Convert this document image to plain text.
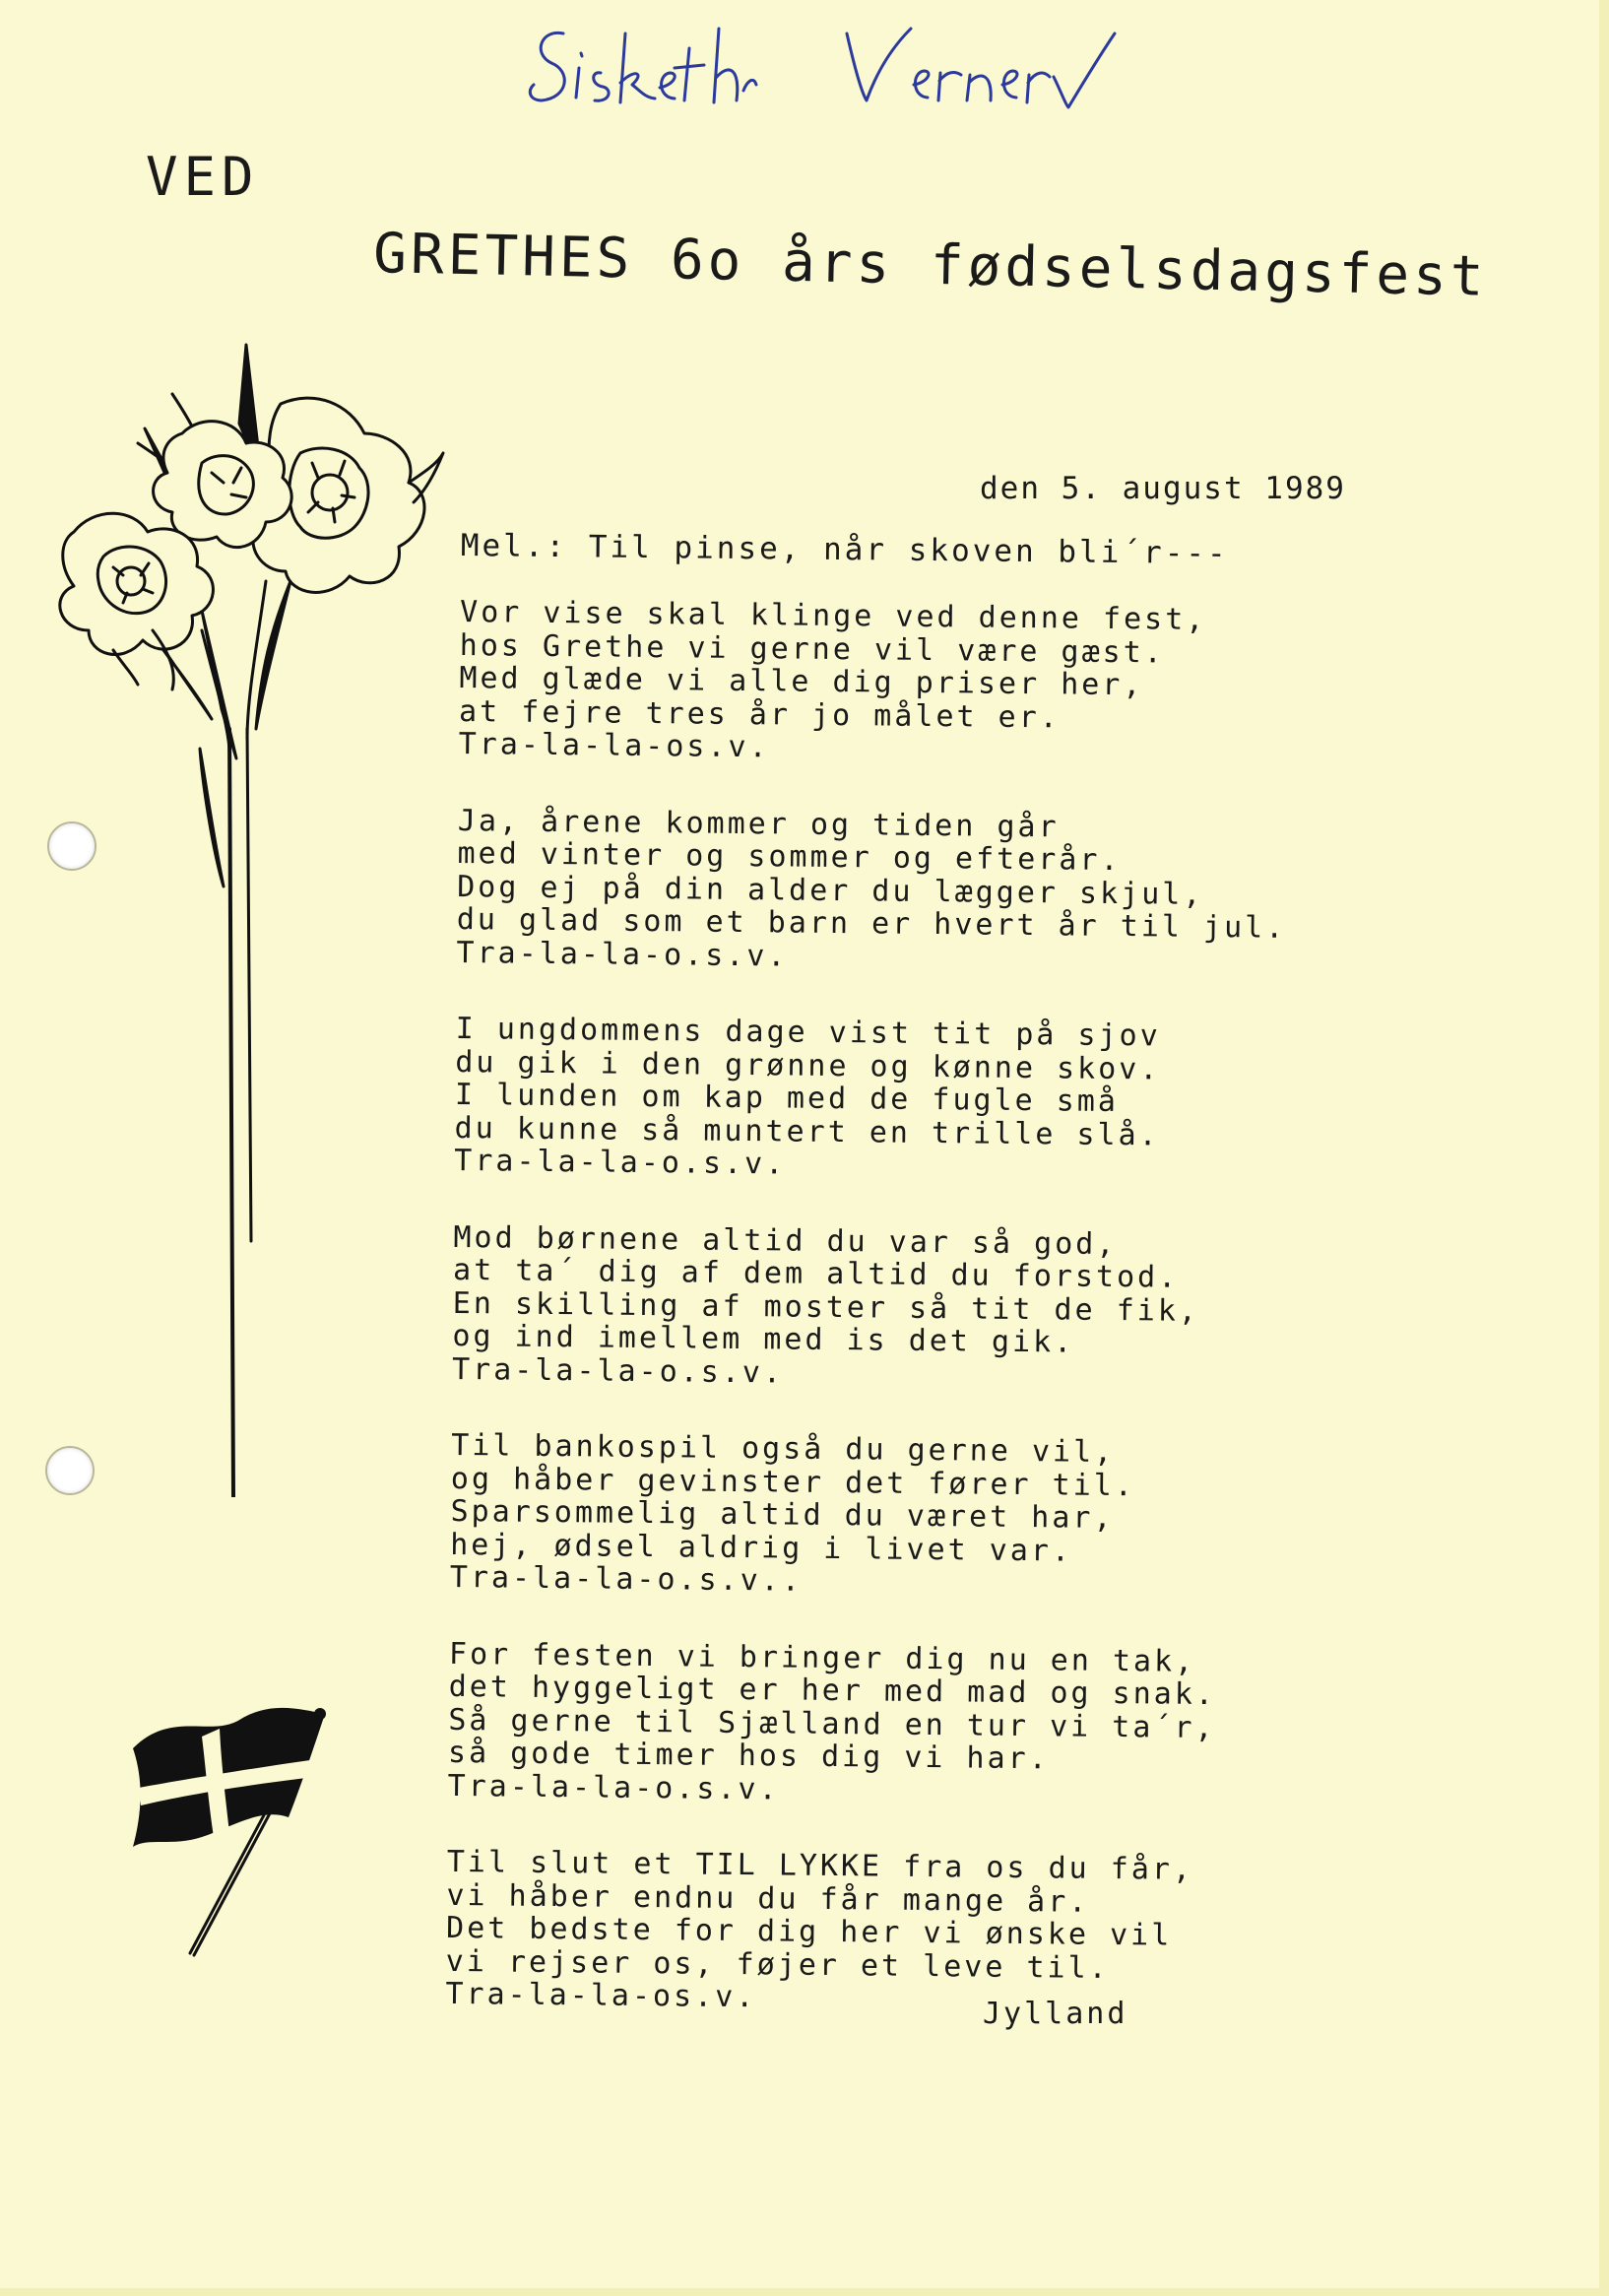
VED
GRETHES 6o års fødselsdagsfest
den 5. august 1989
Mel.: Til pinse, når skoven bli´r---
Vor vise skal klinge ved denne fest,
hos Grethe vi gerne vil være gæst.
Med glæde vi alle dig priser her,
at fejre tres år jo målet er.
Tra-la-la-os.v.
Ja, årene kommer og tiden går
med vinter og sommer og efterår.
Dog ej på din alder du lægger skjul,
du glad som et barn er hvert år til jul.
Tra-la-la-o.s.v.
I ungdommens dage vist tit på sjov
du gik i den grønne og kønne skov.
I lunden om kap med de fugle små
du kunne så muntert en trille slå.
Tra-la-la-o.s.v.
Mod børnene altid du var så god,
at ta´ dig af dem altid du forstod.
En skilling af moster så tit de fik,
og ind imellem med is det gik.
Tra-la-la-o.s.v.
Til bankospil også du gerne vil,
og håber gevinster det fører til.
Sparsommelig altid du været har,
hej, ødsel aldrig i livet var.
Tra-la-la-o.s.v..
For festen vi bringer dig nu en tak,
det hyggeligt er her med mad og snak.
Så gerne til Sjælland en tur vi ta´r,
så gode timer hos dig vi har.
Tra-la-la-o.s.v.
Til slut et TIL LYKKE fra os du får,
vi håber endnu du får mange år.
Det bedste for dig her vi ønske vil
vi rejser os, føjer et leve til.
Tra-la-la-os.v.	Jylland
